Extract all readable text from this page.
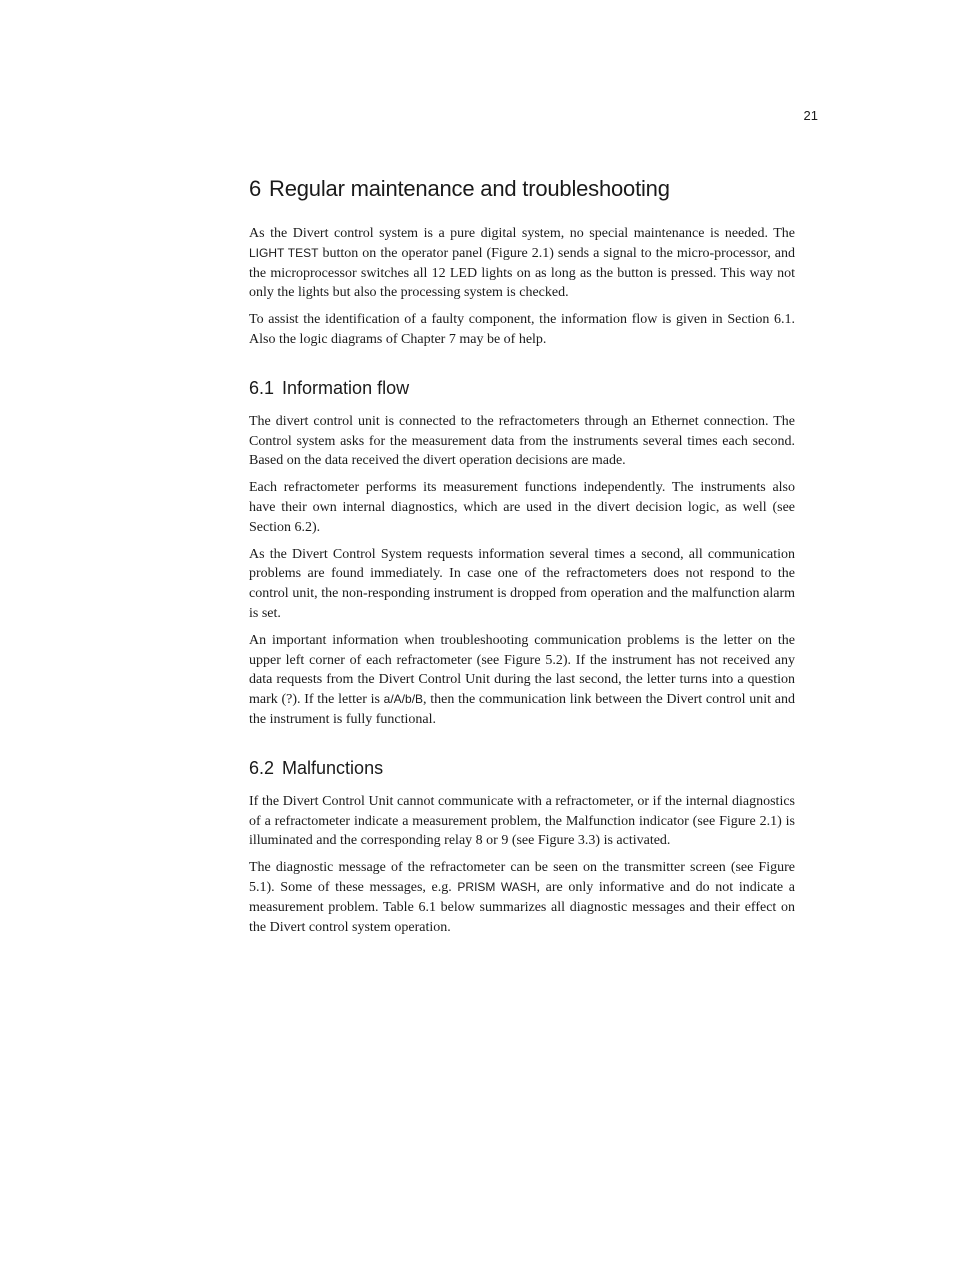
21
6 Regular maintenance and troubleshooting

As the Divert control system is a pure digital system, no special maintenance is needed. The LIGHT TEST button on the operator panel (Figure 2.1) sends a signal to the micro-processor, and the microprocessor switches all 12 LED lights on as long as the button is pressed. This way not only the lights but also the processing system is checked.

To assist the identification of a faulty component, the information flow is given in Section 6.1. Also the logic diagrams of Chapter 7 may be of help.

6.1 Information flow

The divert control unit is connected to the refractometers through an Ethernet connection. The Control system asks for the measurement data from the instruments several times each second. Based on the data received the divert operation decisions are made.

Each refractometer performs its measurement functions independently. The instruments also have their own internal diagnostics, which are used in the divert decision logic, as well (see Section 6.2).

As the Divert Control System requests information several times a second, all communication problems are found immediately. In case one of the refractometers does not respond to the control unit, the non-responding instrument is dropped from operation and the malfunction alarm is set.

An important information when troubleshooting communication problems is the letter on the upper left corner of each refractometer (see Figure 5.2). If the instrument has not received any data requests from the Divert Control Unit during the last second, the letter turns into a question mark (?). If the letter is a/A/b/B, then the communication link between the Divert control unit and the instrument is fully functional.

6.2 Malfunctions

If the Divert Control Unit cannot communicate with a refractometer, or if the internal diagnostics of a refractometer indicate a measurement problem, the Malfunction indicator (see Figure 2.1) is illuminated and the corresponding relay 8 or 9 (see Figure 3.3) is activated.

The diagnostic message of the refractometer can be seen on the transmitter screen (see Figure 5.1). Some of these messages, e.g. PRISM WASH, are only informative and do not indicate a measurement problem. Table 6.1 below summarizes all diagnostic messages and their effect on the Divert control system operation.
